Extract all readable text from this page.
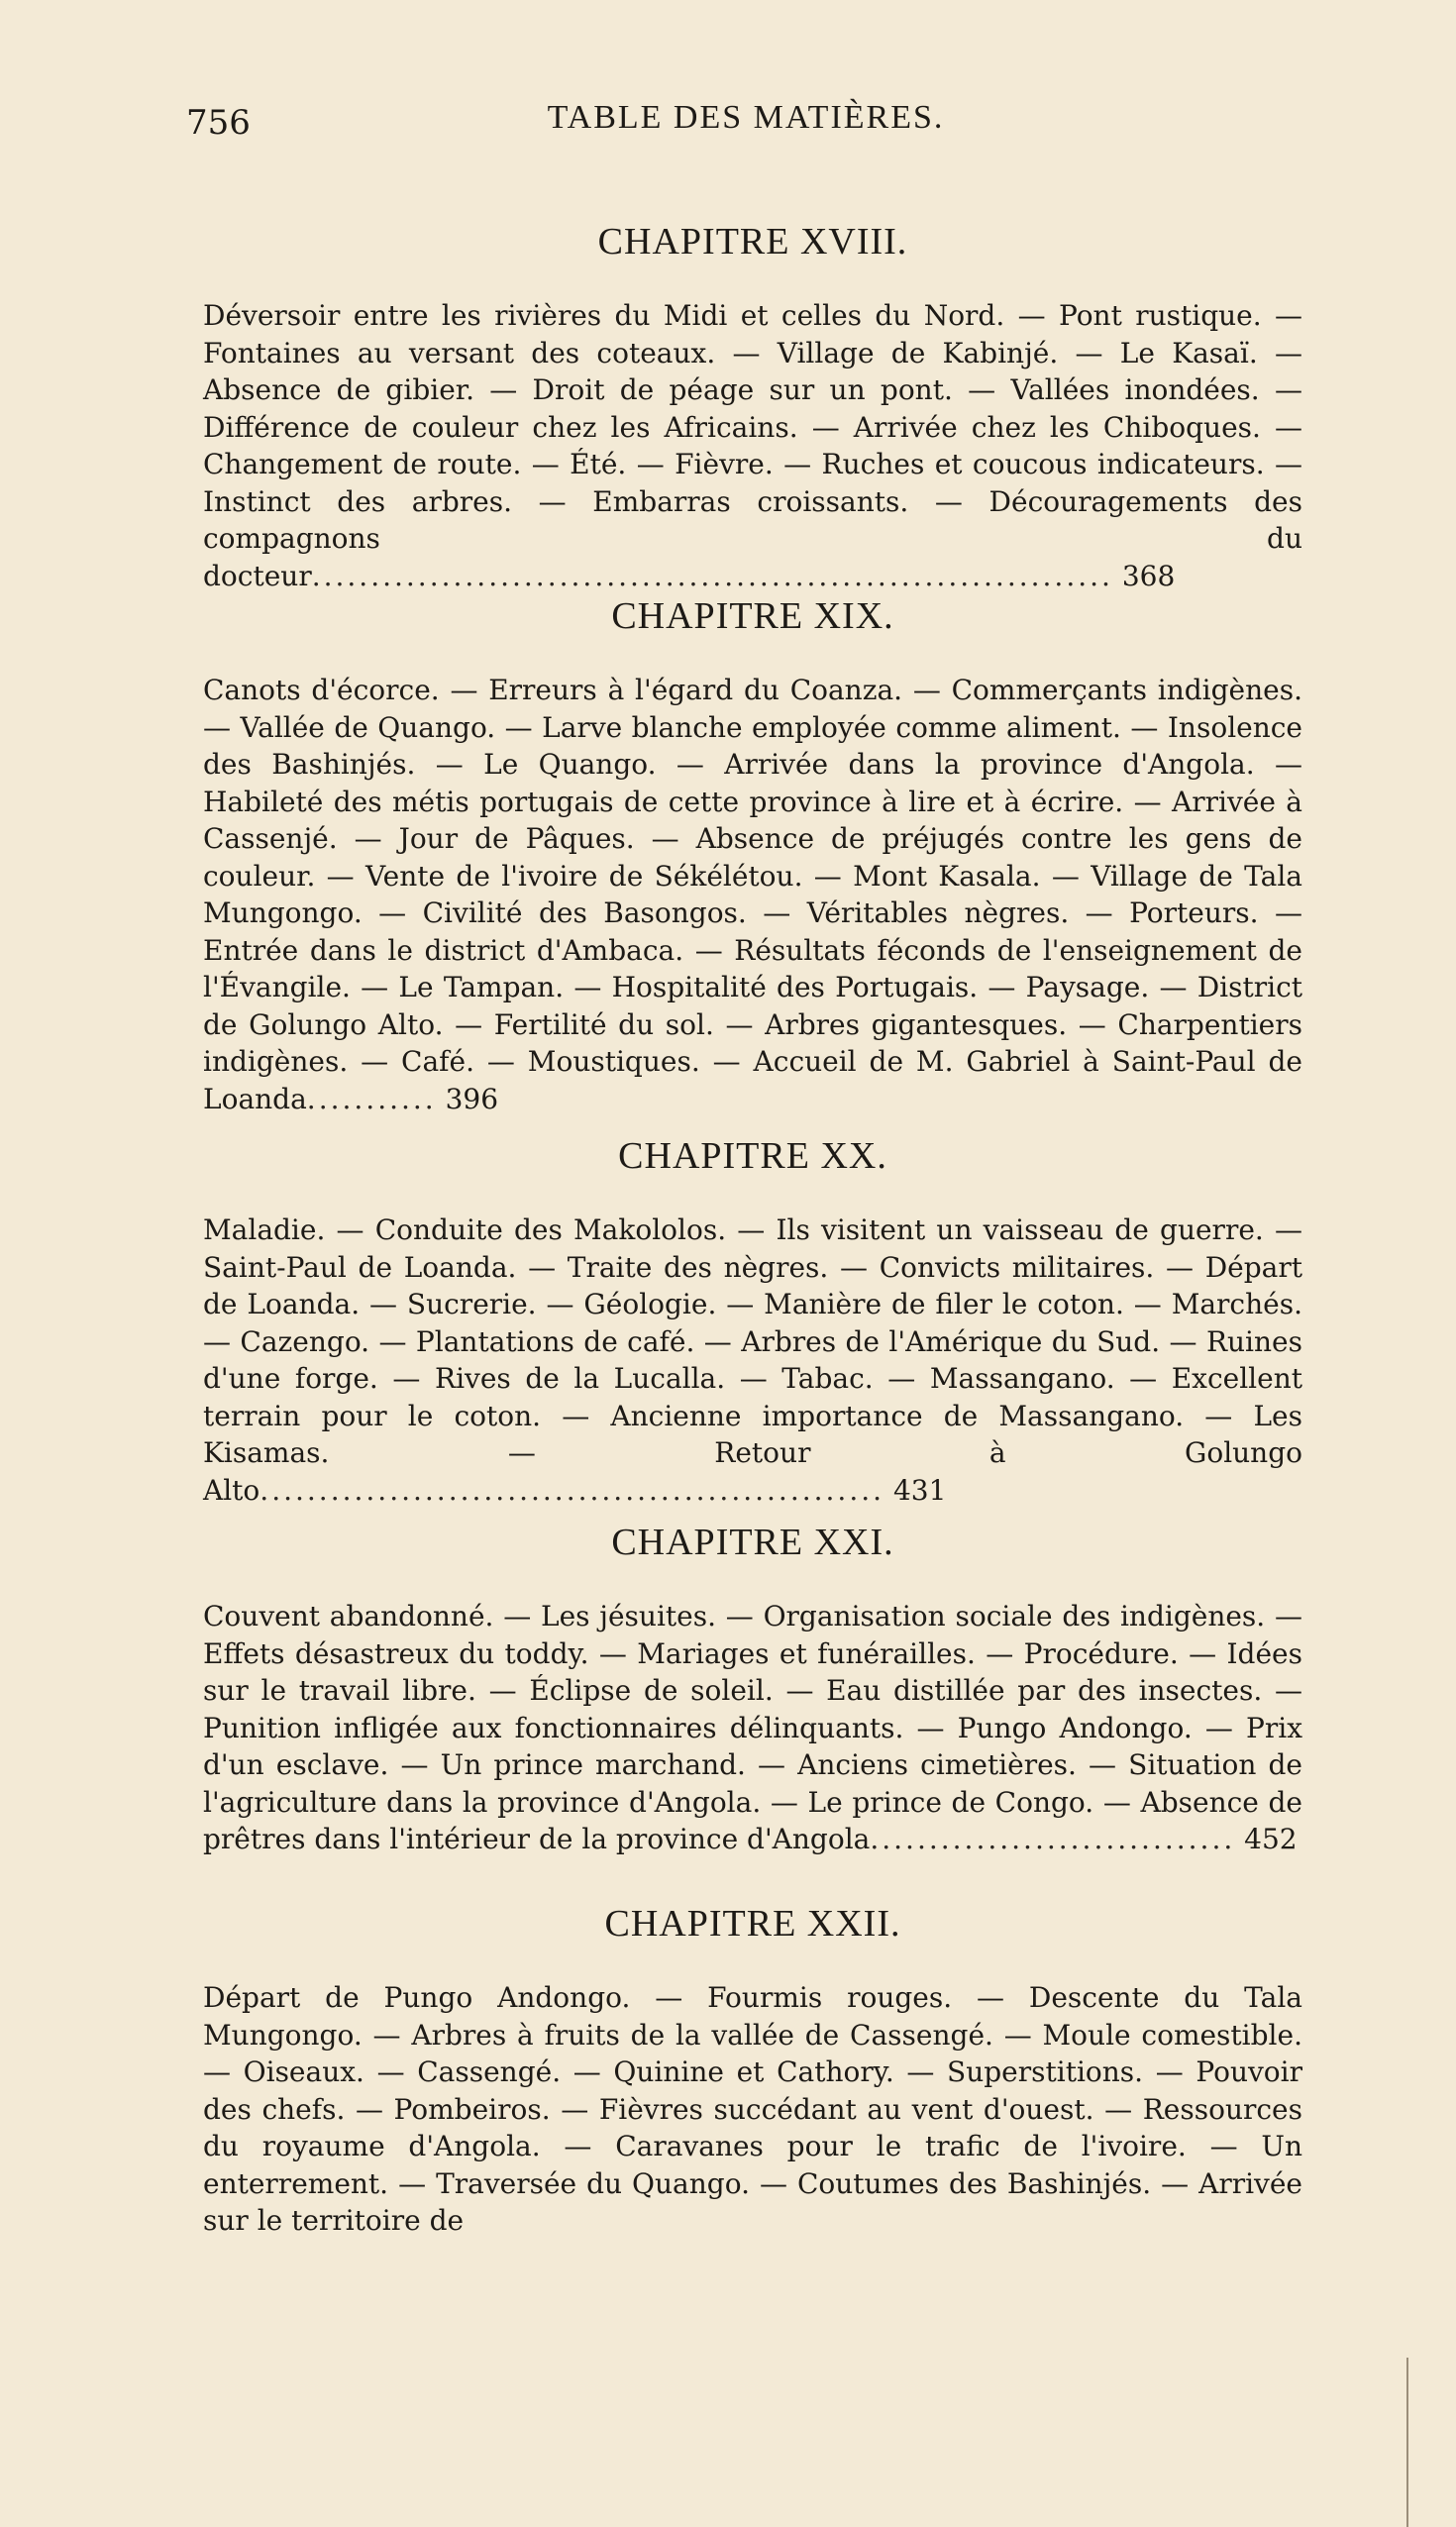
756	TABLE DES MATIÈRES.
CHAPITRE XVIII.

Déversoir entre les rivières du Midi et celles du Nord. — Pont rustique. — Fontaines au versant des coteaux. — Village de Kabinjé. — Le Kasaï. — Absence de gibier. — Droit de péage sur un pont. — Vallées inondées. — Différence de couleur chez les Africains. — Arrivée chez les Chiboques. — Changement de route. — Été. — Fièvre. — Ruches et coucous indicateurs. — Instinct des arbres. — Embarras croissants. — Découragements des compagnons du docteur.................................................................... 368

CHAPITRE XIX.

Canots d'écorce. — Erreurs à l'égard du Coanza. — Commerçants indigènes. — Vallée de Quango. — Larve blanche employée comme aliment. — Insolence des Bashinjés. — Le Quango. — Arrivée dans la province d'Angola. — Habileté des métis portugais de cette province à lire et à écrire. — Arrivée à Cassenjé. — Jour de Pâques. — Absence de préjugés contre les gens de couleur. — Vente de l'ivoire de Sékélétou. — Mont Kasala. — Village de Tala Mungongo. — Civilité des Basongos. — Véritables nègres. — Porteurs. — Entrée dans le district d'Ambaca. — Résultats féconds de l'enseignement de l'Évangile. — Le Tampan. — Hospitalité des Portugais. — Paysage. — District de Golungo Alto. — Fertilité du sol. — Arbres gigantesques. — Charpentiers indigènes. — Café. — Moustiques. — Accueil de M. Gabriel à Saint-Paul de Loanda........... 396

CHAPITRE XX.

Maladie. — Conduite des Makololos. — Ils visitent un vaisseau de guerre. — Saint-Paul de Loanda. — Traite des nègres. — Convicts militaires. — Départ de Loanda. — Sucrerie. — Géologie. — Manière de filer le coton. — Marchés. — Cazengo. — Plantations de café. — Arbres de l'Amérique du Sud. — Ruines d'une forge. — Rives de la Lucalla. — Tabac. — Massangano. — Excellent terrain pour le coton. — Ancienne importance de Massangano. — Les Kisamas. — Retour à Golungo Alto..................................................... 431

CHAPITRE XXI.

Couvent abandonné. — Les jésuites. — Organisation sociale des indigènes. — Effets désastreux du toddy. — Mariages et funérailles. — Procédure. — Idées sur le travail libre. — Éclipse de soleil. — Eau distillée par des insectes. — Punition infligée aux fonctionnaires délinquants. — Pungo Andongo. — Prix d'un esclave. — Un prince marchand. — Anciens cimetières. — Situation de l'agriculture dans la province d'Angola. — Le prince de Congo. — Absence de prêtres dans l'intérieur de la province d'Angola............................... 452

CHAPITRE XXII.

Départ de Pungo Andongo. — Fourmis rouges. — Descente du Tala Mungongo. — Arbres à fruits de la vallée de Cassengé. — Moule comestible. — Oiseaux. — Cassengé. — Quinine et Cathory. — Superstitions. — Pouvoir des chefs. — Pombeiros. — Fièvres succédant au vent d'ouest. — Ressources du royaume d'Angola. — Caravanes pour le trafic de l'ivoire. — Un enterrement. — Traversée du Quango. — Coutumes des Bashinjés. — Arrivée sur le territoire de
